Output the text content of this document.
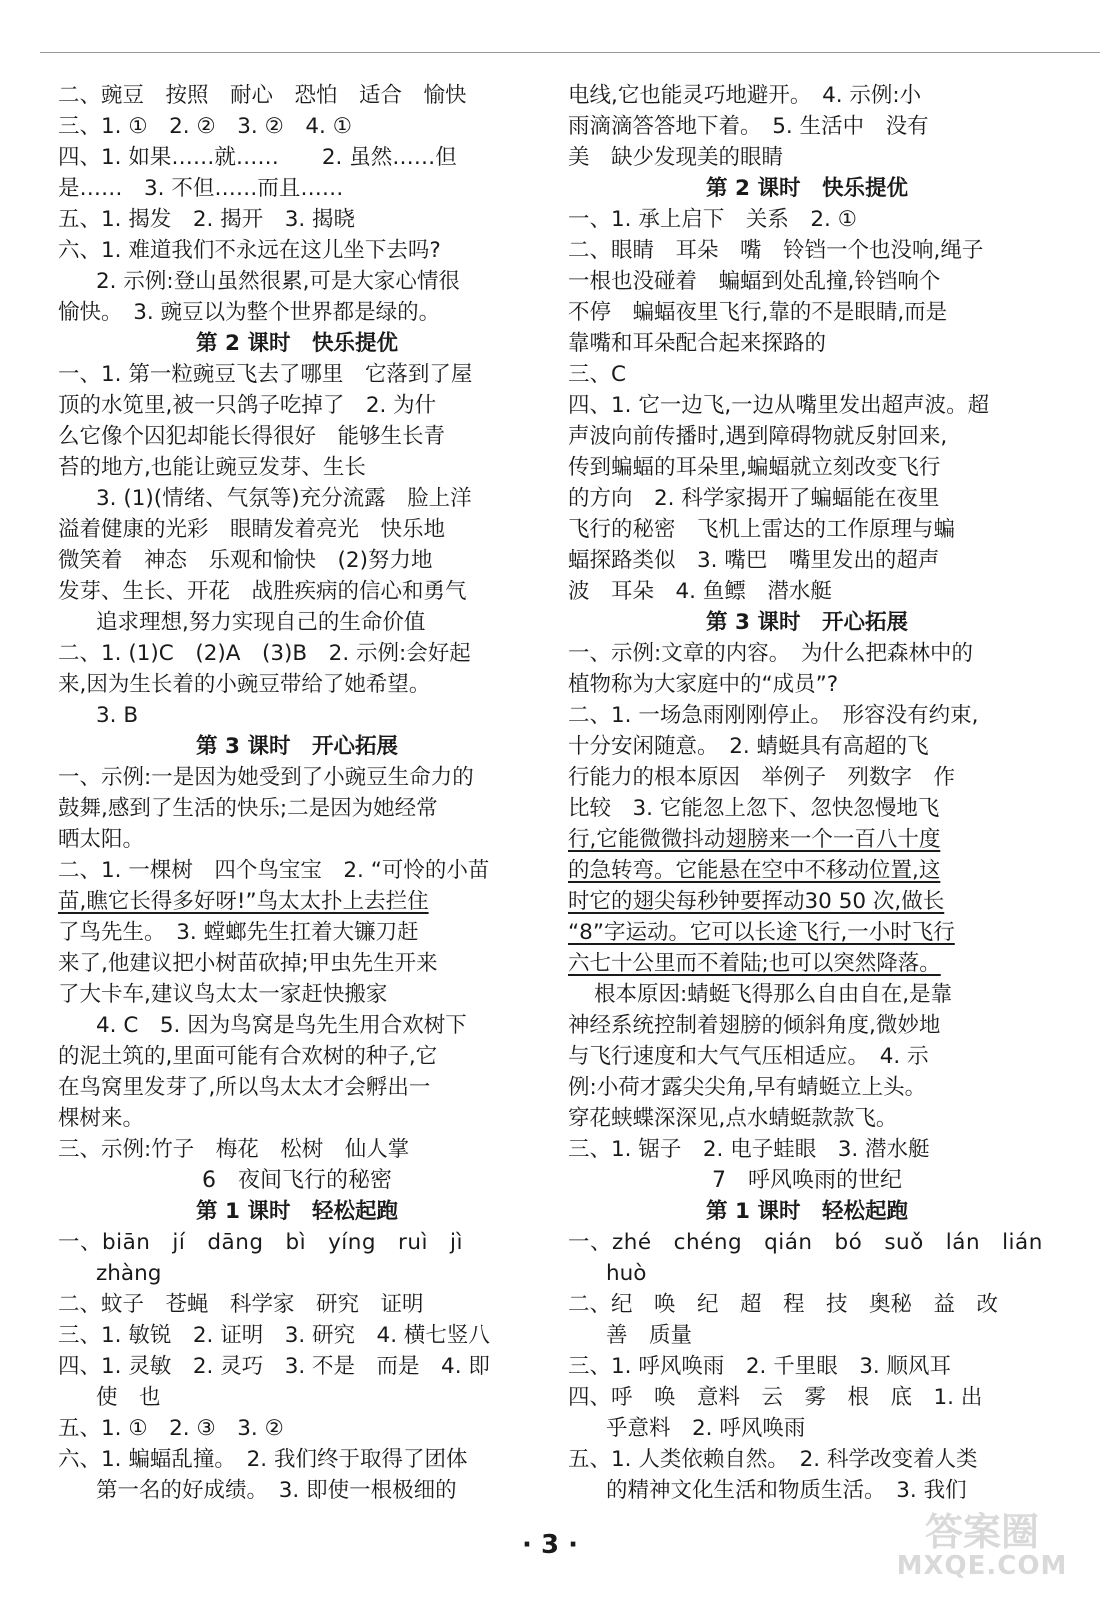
二、豌豆　按照　耐心　恐怕　适合　愉快
三、1. ①　2. ②　3. ②　4. ①
四、1. 如果……就……　　2. 虽然……但
是……　3. 不但……而且……
五、1. 揭发　2. 揭开　3. 揭晓
六、1. 难道我们不永远在这儿坐下去吗?
2. 示例:登山虽然很累,可是大家心情很
愉快。　3. 豌豆以为整个世界都是绿的。
第 2 课时　快乐提优
一、1. 第一粒豌豆飞去了哪里　它落到了屋
顶的水笕里,被一只鸽子吃掉了　2. 为什
么它像个囚犯却能长得很好　能够生长青
苔的地方,也能让豌豆发芽、生长
3. (1)(情绪、气氛等)充分流露　脸上洋
溢着健康的光彩　眼睛发着亮光　快乐地
微笑着　神态　乐观和愉快　(2)努力地
发芽、生长、开花　战胜疾病的信心和勇气
追求理想,努力实现自己的生命价值
二、1. (1)C　(2)A　(3)B　2. 示例:会好起
来,因为生长着的小豌豆带给了她希望。
3. B
第 3 课时　开心拓展
一、示例:一是因为她受到了小豌豆生命力的
鼓舞,感到了生活的快乐;二是因为她经常
晒太阳。
二、1. 一棵树　四个鸟宝宝　2. “可怜的小苗
苗,瞧它长得多好呀!”鸟太太扑上去拦住
了鸟先生。　3. 螳螂先生扛着大镰刀赶
来了,他建议把小树苗砍掉;甲虫先生开来
了大卡车,建议鸟太太一家赶快搬家
4. C　5. 因为鸟窝是鸟先生用合欢树下
的泥土筑的,里面可能有合欢树的种子,它
在鸟窝里发芽了,所以鸟太太才会孵出一
棵树来。
三、示例:竹子　梅花　松树　仙人掌
6　夜间飞行的秘密
第 1 课时　轻松起跑
一、biān　jí　dāng　bì　yíng　ruì　jì
zhàng
二、蚊子　苍蝇　科学家　研究　证明
三、1. 敏锐　2. 证明　3. 研究　4. 横七竖八
四、1. 灵敏　2. 灵巧　3. 不是　而是　4. 即
使　也
五、1. ①　2. ③　3. ②
六、1. 蝙蝠乱撞。　2. 我们终于取得了团体
第一名的好成绩。　3. 即使一根极细的
电线,它也能灵巧地避开。　4. 示例:小
雨滴滴答答地下着。　5. 生活中　没有
美　缺少发现美的眼睛
第 2 课时　快乐提优
一、1. 承上启下　关系　2. ①
二、眼睛　耳朵　嘴　铃铛一个也没响,绳子
一根也没碰着　蝙蝠到处乱撞,铃铛响个
不停　蝙蝠夜里飞行,靠的不是眼睛,而是
靠嘴和耳朵配合起来探路的
三、C
四、1. 它一边飞,一边从嘴里发出超声波。超
声波向前传播时,遇到障碍物就反射回来,
传到蝙蝠的耳朵里,蝙蝠就立刻改变飞行
的方向　2. 科学家揭开了蝙蝠能在夜里
飞行的秘密　飞机上雷达的工作原理与蝙
蝠探路类似　3. 嘴巴　嘴里发出的超声
波　耳朵　4. 鱼鳔　潜水艇
第 3 课时　开心拓展
一、示例:文章的内容。　为什么把森林中的
植物称为大家庭中的“成员”?
二、1. 一场急雨刚刚停止。　形容没有约束,
十分安闲随意。　2. 蜻蜓具有高超的飞
行能力的根本原因　举例子　列数字　作
比较　3. 它能忽上忽下、忽快忽慢地飞
行,它能微微抖动翅膀来一个一百八十度
的急转弯。它能悬在空中不移动位置,这
时它的翅尖每秒钟要挥动30 50 次,做长
“8”字运动。它可以长途飞行,一小时飞行
六七十公里而不着陆;也可以突然降落。
根本原因:蜻蜓飞得那么自由自在,是靠
神经系统控制着翅膀的倾斜角度,微妙地
与飞行速度和大气气压相适应。　4. 示
例:小荷才露尖尖角,早有蜻蜓立上头。
穿花蛱蝶深深见,点水蜻蜓款款飞。
三、1. 锯子　2. 电子蛙眼　3. 潜水艇
7　呼风唤雨的世纪
第 1 课时　轻松起跑
一、zhé　chéng　qián　bó　suǒ　lán　lián
huò
二、纪　唤　纪　超　程　技　奥秘　益　改
善　质量
三、1. 呼风唤雨　2. 千里眼　3. 顺风耳
四、呼　唤　意料　云　雾　根　底　1. 出
乎意料　2. 呼风唤雨
五、1. 人类依赖自然。　2. 科学改变着人类
的精神文化生活和物质生活。　3. 我们
· 3 ·	答案圈
MXQE.COM
